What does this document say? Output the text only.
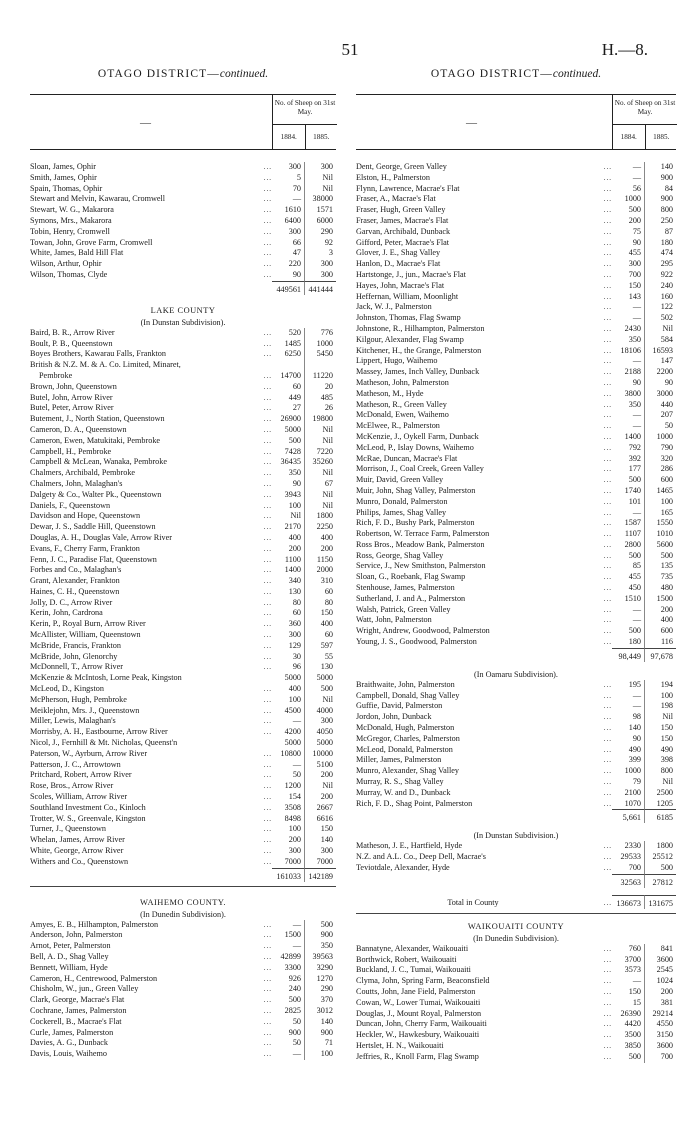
51	H.—8.
OTAGO DISTRICT—continued.
—
No. of Sheep on 31st May.
1884.	1885.
Sloan, James, Ophir	...	300	300
Smith, James, Ophir	...	5	Nil
Spain, Thomas, Ophir	...	70	Nil
Stewart and Melvin, Kawarau, Cromwell	...	—	38000
Stewart, W. G., Makarora	...	1610	1571
Symons, Mrs., Makarora	...	6400	6000
Tobin, Henry, Cromwell	...	300	290
Towan, John, Grove Farm, Cromwell	...	66	92
White, James, Bald Hill Flat	...	47	3
Wilson, Arthur, Ophir	...	220	300
Wilson, Thomas, Clyde	...	90	300
449561 441444
LAKE COUNTY
(In Dunstan Subdivision).
Baird, B. R., Arrow River	...	520	776
Boult, P. B., Queenstown	...	1485	1000
Boyes Brothers, Kawarau Falls, Frankton	...	6250	5450
British & N.Z. M. & A. Co. Limited, Minaret,
Pembroke	...	14700	11220
Brown, John, Queenstown	...	60	20
Butel, John, Arrow River	...	449	485
Butel, Peter, Arrow River	...	27	26
Butement, J., North Station, Queenstown	...	26900	19800
Cameron, D. A., Queenstown	...	5000	Nil
Cameron, Ewen, Matukitaki, Pembroke	...	500	Nil
Campbell, H., Pembroke	...	7428	7220
Campbell & McLean, Wanaka, Pembroke	...	36435	35260
Chalmers, Archibald, Pembroke	...	350	Nil
Chalmers, John, Malaghan's	...	90	67
Dalgety & Co., Walter Pk., Queenstown	...	3943	Nil
Daniels, F., Queenstown	...	100	Nil
Davidson and Hope, Queenstown	...	Nil	1800
Dewar, J. S., Saddle Hill, Queenstown	...	2170	2250
Douglas, A. H., Douglas Vale, Arrow River	...	400	400
Evans, F., Cherry Farm, Frankton	...	200	200
Fenn, J. C., Paradise Flat, Queenstown	...	1100	1150
Forbes and Co., Malaghan's	...	1400	2000
Grant, Alexander, Frankton	...	340	310
Haines, C. H., Queenstown	...	130	60
Jolly, D. C., Arrow River	...	80	80
Kerin, John, Cardrona	...	60	150
Kerin, P., Royal Burn, Arrow River	...	360	400
McAllister, William, Queenstown	...	300	60
McBride, Francis, Frankton	...	129	597
McBride, John, Glenorchy	...	30	55
McDonnell, T., Arrow River	...	96	130
McKenzie & McIntosh, Lorne Peak, Kingston	5000	5000
McLeod, D., Kingston	...	400	500
McPherson, Hugh, Pembroke	...	100	Nil
Meiklejohn, Mrs. J., Queenstown	...	4500	4000
Miller, Lewis, Malaghan's	...	—	300
Morrisby, A. H., Eastbourne, Arrow River	...	4200	4050
Nicol, J., Fernhill & Mt. Nicholas, Queenst'n	5000	5000
Paterson, W., Ayrburn, Arrow River	...	10800	10000
Patterson, J. C., Arrowtown	...	—	5100
Pritchard, Robert, Arrow River	...	50	200
Rose, Bros., Arrow River	...	1200	Nil
Scoles, William, Arrow River	...	154	200
Southland Investment Co., Kinloch	...	3508	2667
Trotter, W. S., Greenvale, Kingston	...	8498	6616
Turner, J., Queenstown	...	100	150
Whelan, James, Arrow River	...	200	140
White, George, Arrow River	...	300	300
Withers and Co., Queenstown	...	7000	7000
161033 142189
WAIHEMO COUNTY.
(In Dunedin Subdivision).
Amyes, E. B., Hilhampton, Palmerston	...	—	500
Anderson, John, Palmerston	...	1500	900
Arnot, Peter, Palmerston	...	—	350
Bell, A. D., Shag Valley	...	42899	39563
Bennett, William, Hyde	...	3300	3290
Cameron, H., Centrewood, Palmerston	...	926	1270
Chisholm, W., jun., Green Valley	...	240	290
Clark, George, Macrae's Flat	...	500	370
Cochrane, James, Palmerston	...	2825	3012
Cockerell, B., Macrae's Flat	...	50	140
Curle, James, Palmerston	...	900	900
Davies, A. G., Dunback	...	50	71
Davis, Louis, Waihemo	...	—	100
OTAGO DISTRICT—continued.
—
No. of Sheep on 31st May.
1884.	1885.
Dent, George, Green Valley	...	—	140
Elston, H., Palmerston	...	—	900
Flynn, Lawrence, Macrae's Flat	...	56	84
Fraser, A., Macrae's Flat	...	1000	900
Fraser, Hugh, Green Valley	...	500	800
Fraser, James, Macrae's Flat	...	200	250
Garvan, Archibald, Dunback	...	75	87
Gifford, Peter, Macrae's Flat	...	90	180
Glover, J. E., Shag Valley	...	455	474
Hanlon, D., Macrae's Flat	...	300	295
Hartstonge, J., jun., Macrae's Flat	...	700	922
Hayes, John, Macrae's Flat	...	150	240
Heffernan, William, Moonlight	...	143	160
Jack, W. J., Palmerston	...	—	122
Johnston, Thomas, Flag Swamp	...	—	502
Johnstone, R., Hilhampton, Palmerston	...	2430	Nil
Kilgour, Alexander, Flag Swamp	...	350	584
Kitchener, H., the Grange, Palmerston	...	18106	16593
Lippert, Hugo, Waihemo	...	—	147
Massey, James, Inch Valley, Dunback	...	2188	2200
Matheson, John, Palmerston	...	90	90
Matheson, M., Hyde	...	3800	3000
Matheson, R., Green Valley	...	350	440
McDonald, Ewen, Waihemo	...	—	207
McElwee, R., Palmerston	...	—	50
McKenzie, J., Oykell Farm, Dunback	...	1400	1000
McLeod, P., Islay Downs, Waihemo	...	792	790
McRae, Duncan, Macrae's Flat	...	392	320
Morrison, J., Coal Creek, Green Valley	...	177	286
Muir, David, Green Valley	...	500	600
Muir, John, Shag Valley, Palmerston	...	1740	1465
Munro, Donald, Palmerston	...	101	100
Philips, James, Shag Valley	...	—	165
Rich, F. D., Bushy Park, Palmerston	...	1587	1550
Robertson, W. Terrace Farm, Palmerston	...	1107	1010
Ross Bros., Meadow Bank, Palmerston	...	2800	5600
Ross, George, Shag Valley	...	500	500
Service, J., New Smithston, Palmerston	...	85	135
Sloan, G., Roebank, Flag Swamp	...	455	735
Stenhouse, James, Palmerston	...	450	480
Sutherland, J. and A., Palmerston	...	1510	1500
Walsh, Patrick, Green Valley	...	—	200
Watt, John, Palmerston	...	—	400
Wright, Andrew, Goodwood, Palmerston	...	500	600
Young, J. S., Goodwood, Palmerston	...	180	116
98,449	97,678
(In Oamaru Subdivision).
Braithwaite, John, Palmerston	...	195	194
Campbell, Donald, Shag Valley	...	—	100
Guffie, David, Palmerston	...	—	198
Jordon, John, Dunback	...	98	Nil
McDonald, Hugh, Palmerston	...	140	150
McGregor, Charles, Palmerston	...	90	150
McLeod, Donald, Palmerston	...	490	490
Miller, James, Palmerston	...	399	398
Munro, Alexander, Shag Valley	...	1000	800
Murray, R. S., Shag Valley	...	79	Nil
Murray, W. and D., Dunback	...	2100	2500
Rich, F. D., Shag Point, Palmerston	...	1070	1205
5,661	6185
(In Dunstan Subdivision.)
Matheson, J. E., Hartfield, Hyde	...	2330	1800
N.Z. and A.L. Co., Deep Dell, Macrae's	...	29533	25512
Teviotdale, Alexander, Hyde	...	700	500
32563	27812
Total in County	... 136673 131675
WAIKOUAITI COUNTY
(In Dunedin Subdivision).
Bannatyne, Alexander, Waikouaiti	...	760	841
Borthwick, Robert, Waikouaiti	...	3700	3600
Buckland, J. C., Tumai, Waikouaiti	...	3573	2545
Clyma, John, Spring Farm, Beaconsfield	...	—	1024
Coutts, John, Jane Field, Palmerston	...	150	200
Cowan, W., Lower Tumai, Waikouaiti	...	15	381
Douglas, J., Mount Royal, Palmerston	...	26390	29214
Duncan, John, Cherry Farm, Waikouaiti	...	4420	4550
Heckler, W., Hawkesbury, Waikouaiti	...	3500	3150
Hertslet, H. N., Waikouaiti	...	3850	3600
Jeffries, R., Knoll Farm, Flag Swamp	...	500	700
